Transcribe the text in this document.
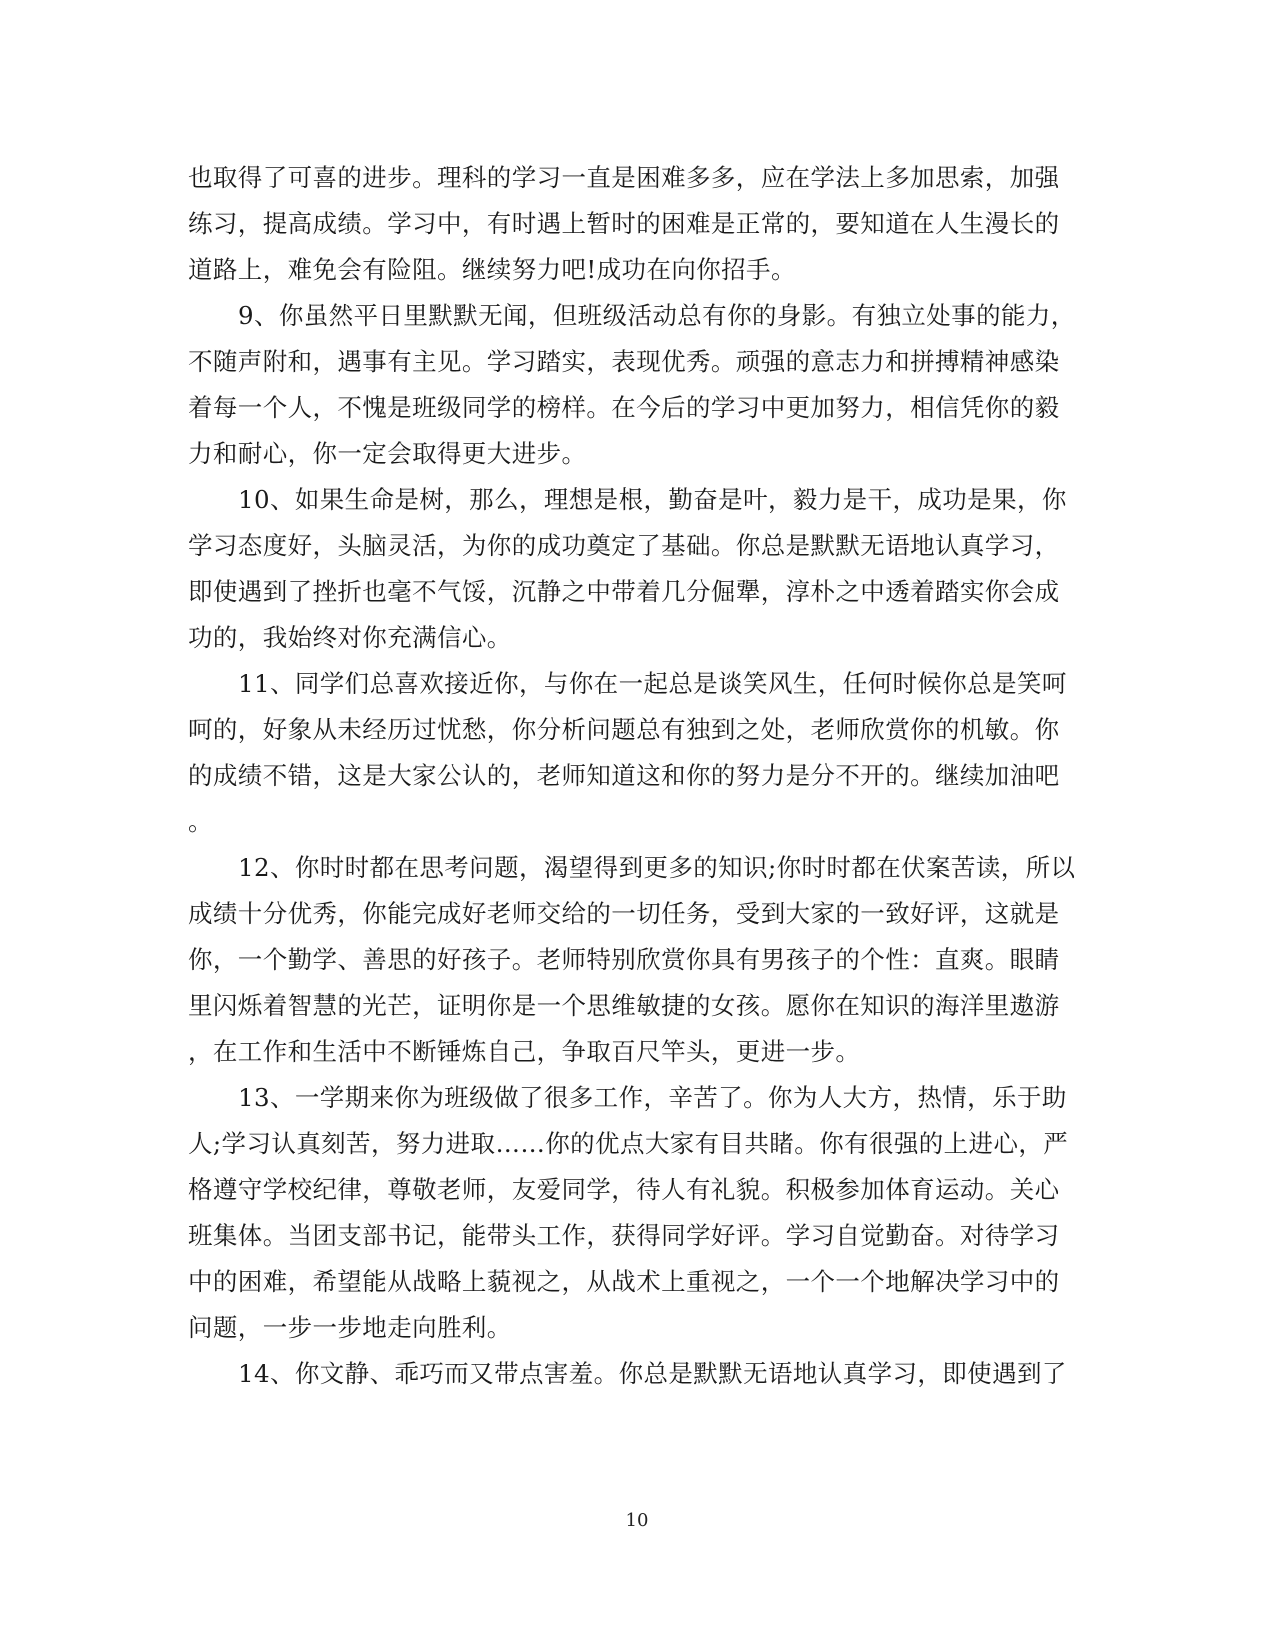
也取得了可喜的进步。理科的学习一直是困难多多，应在学法上多加思索，加强
练习，提高成绩。学习中，有时遇上暂时的困难是正常的，要知道在人生漫长的
道路上，难免会有险阻。继续努力吧!成功在向你招手。
9、你虽然平日里默默无闻，但班级活动总有你的身影。有独立处事的能力，
不随声附和，遇事有主见。学习踏实，表现优秀。顽强的意志力和拼搏精神感染
着每一个人，不愧是班级同学的榜样。在今后的学习中更加努力，相信凭你的毅
力和耐心，你一定会取得更大进步。
10、如果生命是树，那么，理想是根，勤奋是叶，毅力是干，成功是果，你
学习态度好，头脑灵活，为你的成功奠定了基础。你总是默默无语地认真学习，
即使遇到了挫折也毫不气馁，沉静之中带着几分倔犟，淳朴之中透着踏实你会成
功的，我始终对你充满信心。
11、同学们总喜欢接近你，与你在一起总是谈笑风生，任何时候你总是笑呵
呵的，好象从未经历过忧愁，你分析问题总有独到之处，老师欣赏你的机敏。你
的成绩不错，这是大家公认的，老师知道这和你的努力是分不开的。继续加油吧
。
12、你时时都在思考问题，渴望得到更多的知识;你时时都在伏案苦读，所以
成绩十分优秀，你能完成好老师交给的一切任务，受到大家的一致好评，这就是
你，一个勤学、善思的好孩子。老师特别欣赏你具有男孩子的个性：直爽。眼睛
里闪烁着智慧的光芒，证明你是一个思维敏捷的女孩。愿你在知识的海洋里遨游
，在工作和生活中不断锤炼自己，争取百尺竿头，更进一步。
13、一学期来你为班级做了很多工作，辛苦了。你为人大方，热情，乐于助
人;学习认真刻苦，努力进取……你的优点大家有目共睹。你有很强的上进心，严
格遵守学校纪律，尊敬老师，友爱同学，待人有礼貌。积极参加体育运动。关心
班集体。当团支部书记，能带头工作，获得同学好评。学习自觉勤奋。对待学习
中的困难，希望能从战略上藐视之，从战术上重视之，一个一个地解决学习中的
问题，一步一步地走向胜利。
14、你文静、乖巧而又带点害羞。你总是默默无语地认真学习，即使遇到了
10
